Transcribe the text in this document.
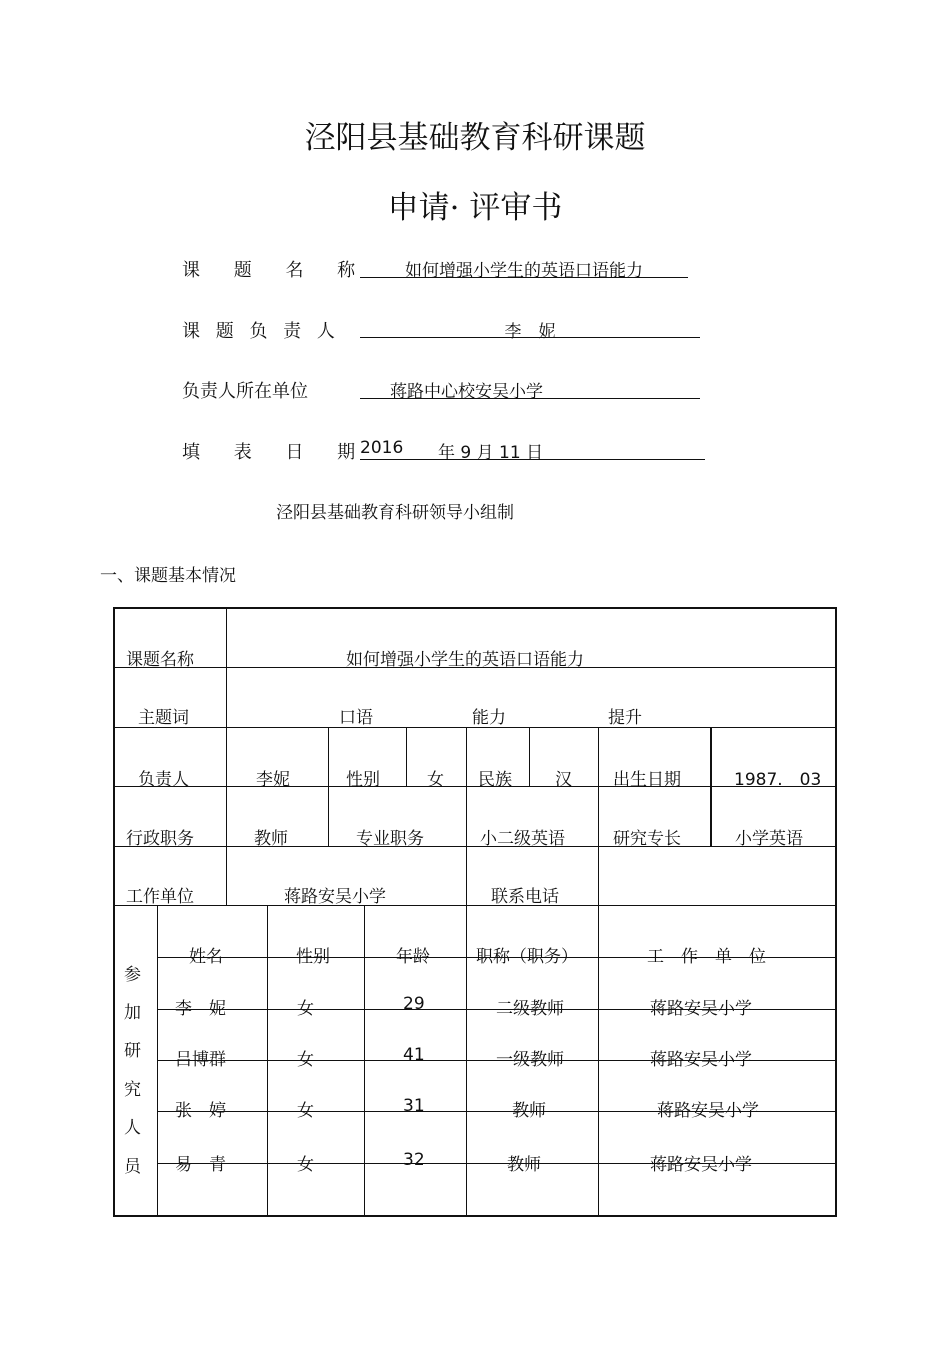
泾阳县基础教育科研课题
申请· 评审书
课 题 名 称	如何增强小学生的英语口语能力
课 题 负 责 人	李　妮
负责人所在单位	蒋路中心校安吴小学
填 表 日 期
2016 年 9 月 11 日
泾阳县基础教育科研领导小组制
一、课题基本情况
课题名称	如何增强小学生的英语口语能力
主题词	口语	能力	提升
负责人	李妮	性别	女 民族	汉 出生日期	1987.　03
行政职务	教师	专业职务	小二级英语	研究专长	小学英语
工作单位	蒋路安吴小学	联系电话
参
加
研
究
人
员
姓名	性别	年龄	职称（职务）	工　作　单　位
李　妮	女	29	二级教师	蒋路安吴小学
吕博群	女	41	一级教师	蒋路安吴小学
张　婷	女	31	教师	蒋路安吴小学
易　青	女	32	教师	蒋路安吴小学
